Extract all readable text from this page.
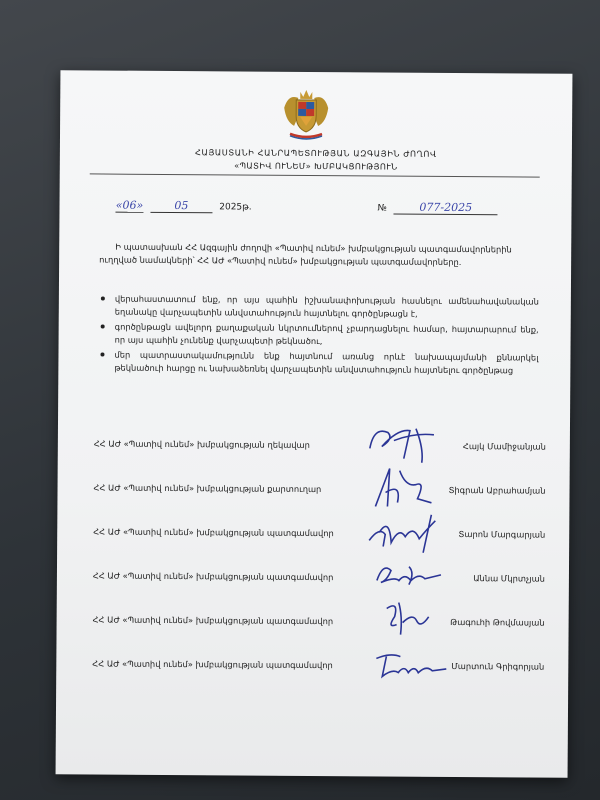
ՀԱՅԱՍՏԱՆԻ ՀԱՆՐԱՊԵՏՈՒԹՅԱՆ ԱԶԳԱՅԻՆ ԺՈՂՈՎ
«ՊԱՏԻՎ ՈՒՆԵՄ» ԽՄԲԱԿՑՈՒԹՅՈՒՆ
«06»	05	2025թ.	№	077-2025
Ի պատասխան ՀՀ Ազգային ժողովի «Պատիվ ունեմ» խմբակցության պատգամավորներին ուղղված նամակների՝ ՀՀ ԱԺ «Պատիվ ունեմ» խմբակցության պատգամավորները.
վերահաստատում ենք, որ այս պահին իշխանափոխության հասնելու ամենահավանական եղանակը վարչապետին անվստահություն հայտնելու գործընթացն է,
գործընթացն ավելորդ քաղաքական նկրտումներով չբարդացնելու համար, հայտարարում ենք, որ այս պահին չունենք վարչապետի թեկնածու,
մեր պատրաստակամությունն ենք հայտնում առանց որևէ նախապայմանի քննարկել թեկնածուի հարցը ու նախաձեռնել վարչապետին անվստահություն հայտնելու գործընթաց
ՀՀ ԱԺ «Պատիվ ունեմ» խմբակցության ղեկավար	Հայկ Մամիջանյան
ՀՀ ԱԺ «Պատիվ ունեմ» խմբակցության քարտուղար	Տիգրան Աբրահամյան
ՀՀ ԱԺ «Պատիվ ունեմ» խմբակցության պատգամավոր	Տարոն Մարգարյան
ՀՀ ԱԺ «Պատիվ ունեմ» խմբակցության պատգամավոր	Աննա Մկրտչյան
ՀՀ ԱԺ «Պատիվ ունեմ» խմբակցության պատգամավոր	Թագուհի Թովմասյան
ՀՀ ԱԺ «Պատիվ ունեմ» խմբակցության պատգամավոր	Մարտուն Գրիգորյան
